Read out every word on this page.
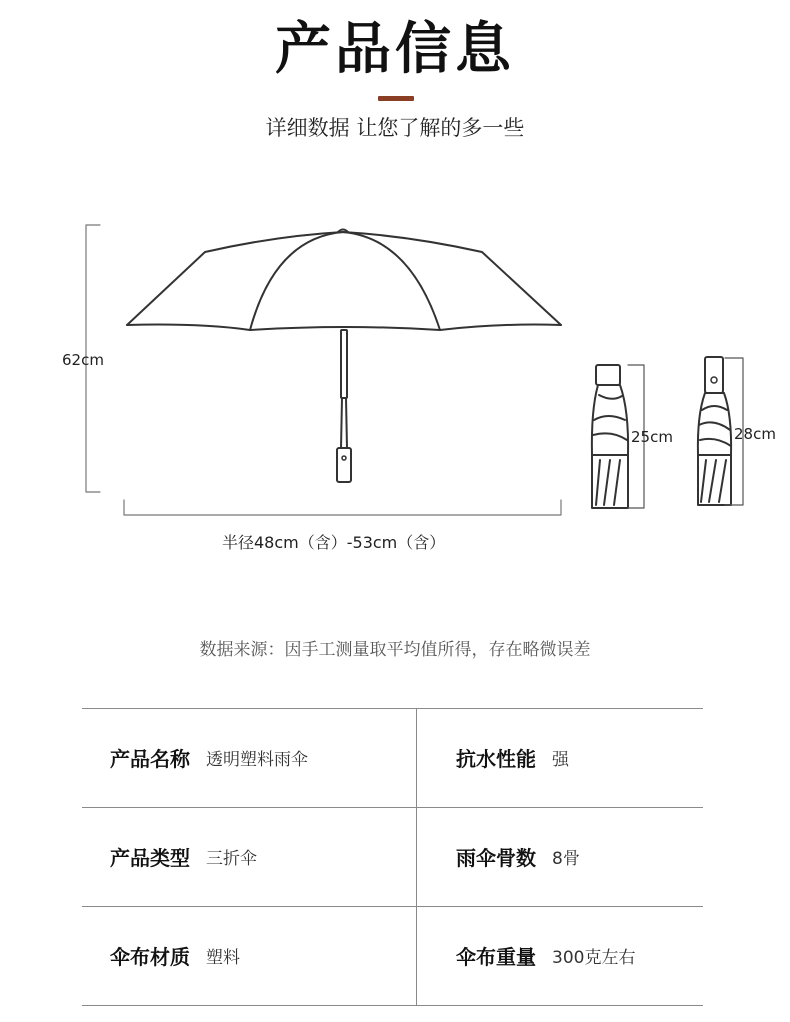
产品信息
详细数据 让您了解的多一些
62cm
半径48cm（含）-53cm（含）
25cm	28cm
数据来源：因手工测量取平均值所得，存在略微误差
产品名称 透明塑料雨伞	抗水性能 强
产品类型 三折伞	雨伞骨数 8骨
伞布材质 塑料	伞布重量 300克左右
